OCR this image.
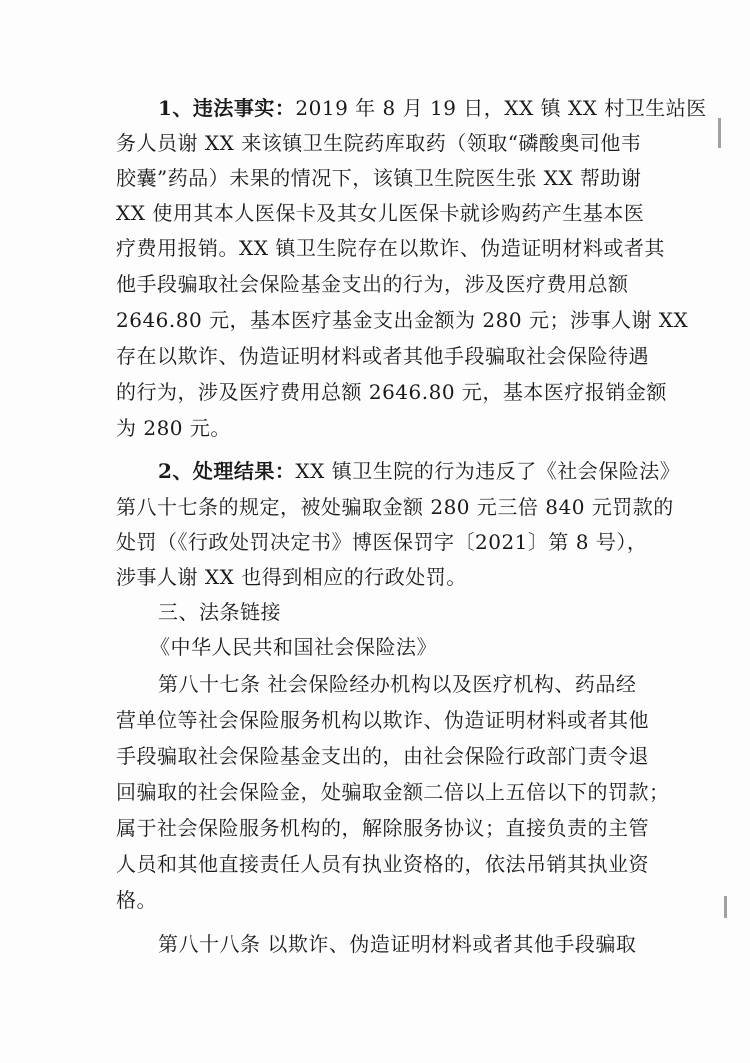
1、违法事实：2019 年 8 月 19 日，XX 镇 XX 村卫生站医
务人员谢 XX 来该镇卫生院药库取药（领取“磷酸奥司他韦
胶囊”药品）未果的情况下，该镇卫生院医生张 XX 帮助谢
XX 使用其本人医保卡及其女儿医保卡就诊购药产生基本医
疗费用报销。XX 镇卫生院存在以欺诈、伪造证明材料或者其
他手段骗取社会保险基金支出的行为，涉及医疗费用总额
2646.80 元，基本医疗基金支出金额为 280 元；涉事人谢 XX
存在以欺诈、伪造证明材料或者其他手段骗取社会保险待遇
的行为，涉及医疗费用总额 2646.80 元，基本医疗报销金额
为 280 元。
2、处理结果：XX 镇卫生院的行为违反了《社会保险法》
第八十七条的规定，被处骗取金额 280 元三倍 840 元罚款的
处罚（《行政处罚决定书》博医保罚字〔2021〕第 8 号），
涉事人谢 XX 也得到相应的行政处罚。
三、法条链接
《中华人民共和国社会保险法》
第八十七条 社会保险经办机构以及医疗机构、药品经
营单位等社会保险服务机构以欺诈、伪造证明材料或者其他
手段骗取社会保险基金支出的，由社会保险行政部门责令退
回骗取的社会保险金，处骗取金额二倍以上五倍以下的罚款；
属于社会保险服务机构的，解除服务协议；直接负责的主管
人员和其他直接责任人员有执业资格的，依法吊销其执业资
格。
第八十八条 以欺诈、伪造证明材料或者其他手段骗取
